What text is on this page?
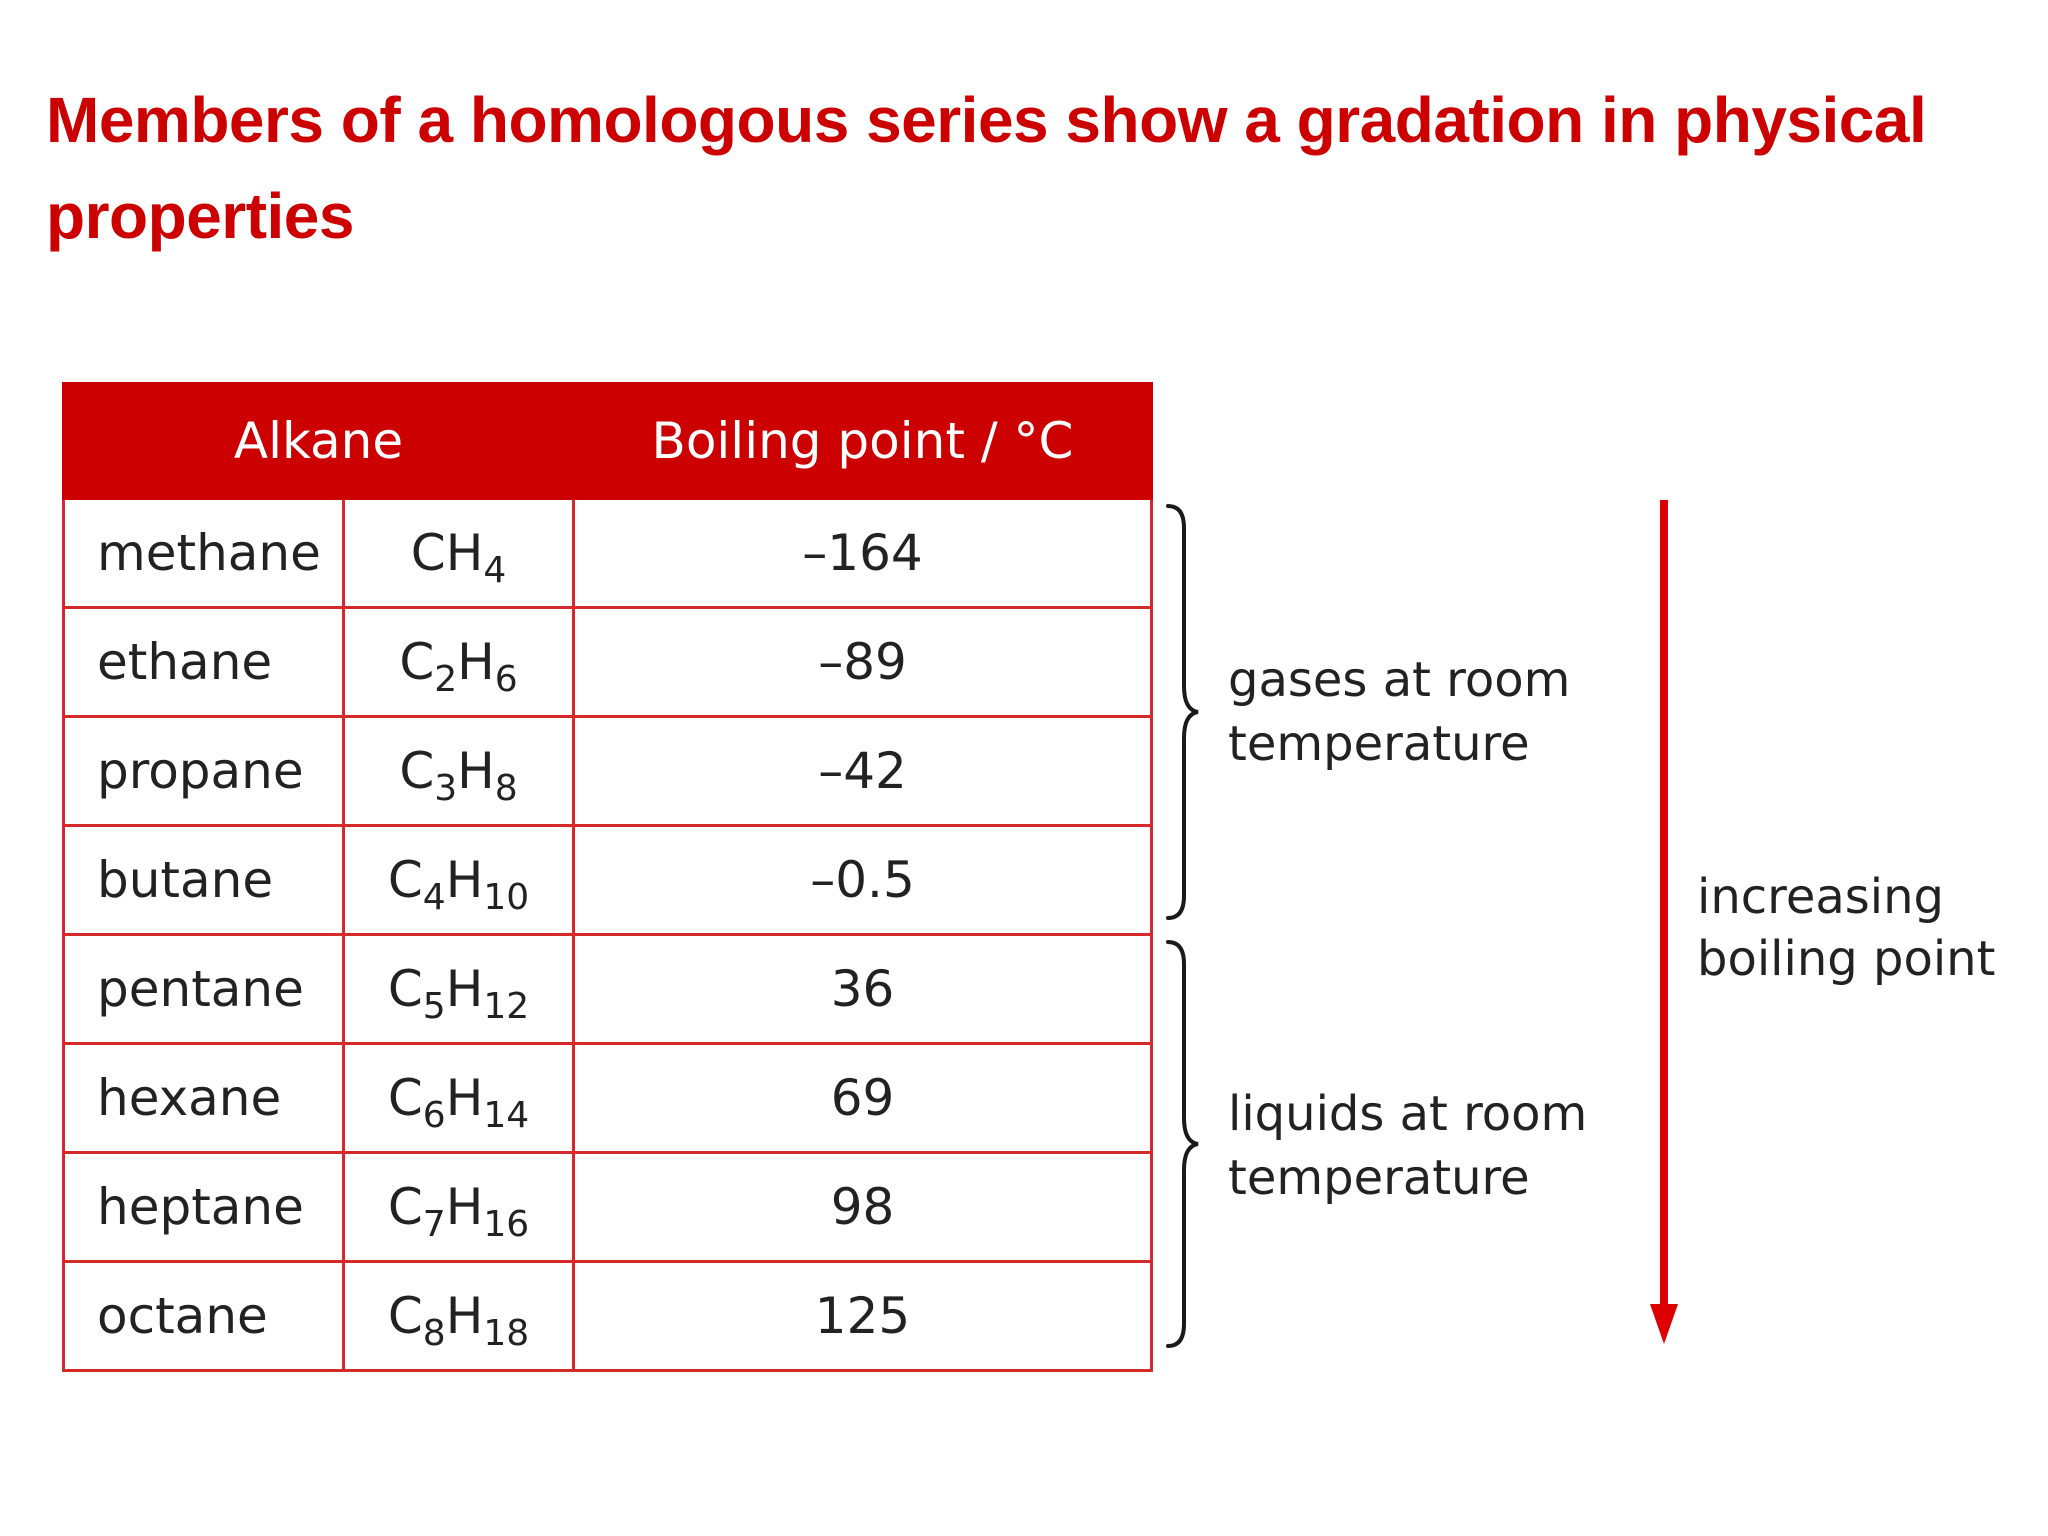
Members of a homologous series show a gradation in physical properties
Alkane		Boiling point / °C
methane	$CH_4$	–164
ethane	$C_2H_6$	–89
propane	$C_3H_8$	–42
butane	$C_4H_{10}$	–0.5
pentane	$C_5H_{12}$	36
hexane	$C_6H_{14}$	69
heptane	$C_7H_{16}$	98
octane	$C_8H_{18}$	125

gases at room
temperature

liquids at room
temperature

increasing
boiling point
